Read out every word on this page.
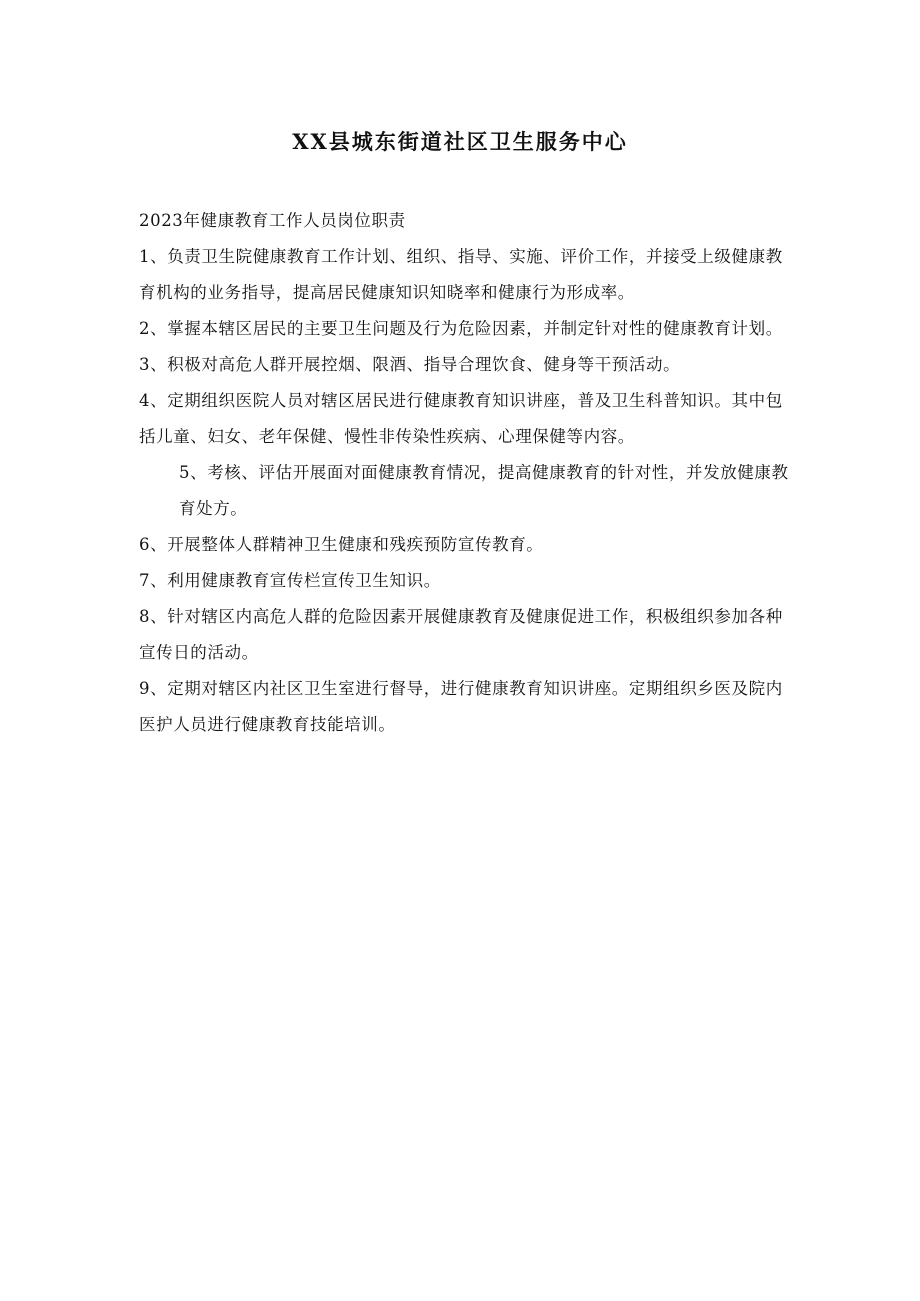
XX县城东街道社区卫生服务中心

2023年健康教育工作人员岗位职责

1、负责卫生院健康教育工作计划、组织、指导、实施、评价工作，并接受上级健康教育机构的业务指导，提高居民健康知识知晓率和健康行为形成率。

2、掌握本辖区居民的主要卫生问题及行为危险因素，并制定针对性的健康教育计划。

3、积极对高危人群开展控烟、限酒、指导合理饮食、健身等干预活动。

4、定期组织医院人员对辖区居民进行健康教育知识讲座，普及卫生科普知识。其中包括儿童、妇女、老年保健、慢性非传染性疾病、心理保健等内容。

5、考核、评估开展面对面健康教育情况，提高健康教育的针对性，并发放健康教育处方。

6、开展整体人群精神卫生健康和残疾预防宣传教育。

7、利用健康教育宣传栏宣传卫生知识。

8、针对辖区内高危人群的危险因素开展健康教育及健康促进工作，积极组织参加各种宣传日的活动。

9、定期对辖区内社区卫生室进行督导，进行健康教育知识讲座。定期组织乡医及院内医护人员进行健康教育技能培训。
